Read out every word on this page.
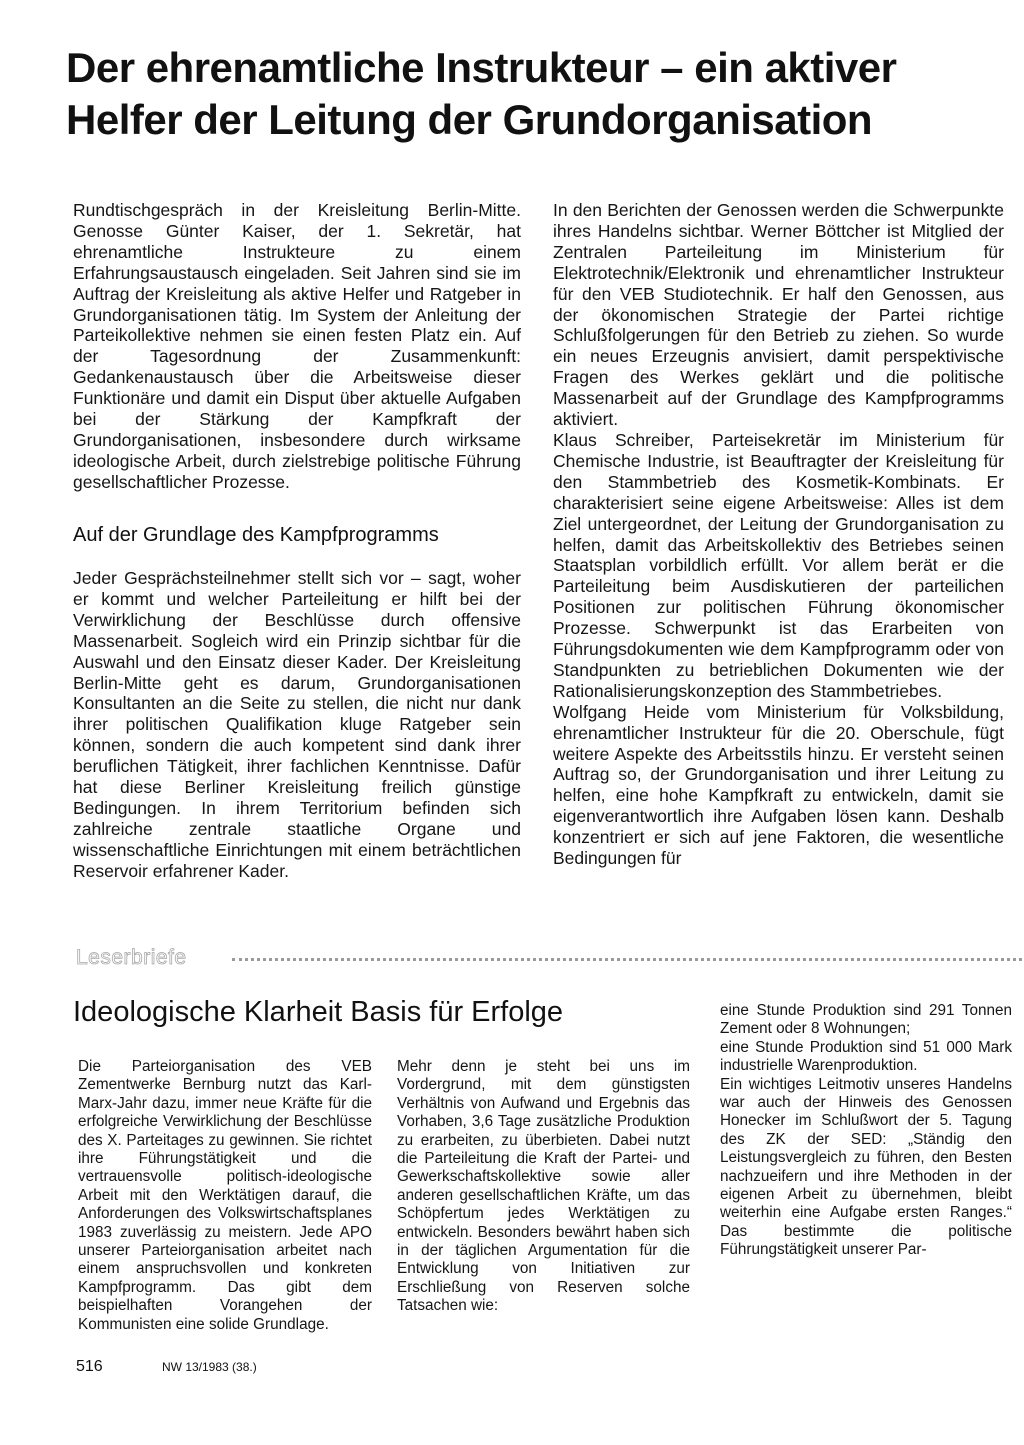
Der ehrenamtliche Instrukteur – ein aktiver Helfer der Leitung der Grundorganisation

Rundtischgespräch in der Kreisleitung Berlin-Mitte. Genosse Günter Kaiser, der 1. Sekretär, hat ehrenamtliche Instrukteure zu einem Erfahrungsaustausch eingeladen. Seit Jahren sind sie im Auftrag der Kreisleitung als aktive Helfer und Ratgeber in Grundorganisationen tätig. Im System der Anleitung der Parteikollektive nehmen sie einen festen Platz ein. Auf der Tagesordnung der Zusammenkunft: Gedankenaustausch über die Arbeitsweise dieser Funktionäre und damit ein Disput über aktuelle Aufgaben bei der Stärkung der Kampfkraft der Grundorganisationen, insbesondere durch wirksame ideologische Arbeit, durch zielstrebige politische Führung gesellschaftlicher Prozesse.

Auf der Grundlage des Kampfprogramms

Jeder Gesprächsteilnehmer stellt sich vor – sagt, woher er kommt und welcher Parteileitung er hilft bei der Verwirklichung der Beschlüsse durch offensive Massenarbeit. Sogleich wird ein Prinzip sichtbar für die Auswahl und den Einsatz dieser Kader. Der Kreisleitung Berlin-Mitte geht es darum, Grundorganisationen Konsultanten an die Seite zu stellen, die nicht nur dank ihrer politischen Qualifikation kluge Ratgeber sein können, sondern die auch kompetent sind dank ihrer beruflichen Tätigkeit, ihrer fachlichen Kenntnisse. Dafür hat diese Berliner Kreisleitung freilich günstige Bedingungen. In ihrem Territorium befinden sich zahlreiche zentrale staatliche Organe und wissenschaftliche Einrichtungen mit einem beträchtlichen Reservoir erfahrener Kader.

In den Berichten der Genossen werden die Schwerpunkte ihres Handelns sichtbar. Werner Böttcher ist Mitglied der Zentralen Parteileitung im Ministerium für Elektrotechnik/Elektronik und ehrenamtlicher Instrukteur für den VEB Studiotechnik. Er half den Genossen, aus der ökonomischen Strategie der Partei richtige Schlußfolgerungen für den Betrieb zu ziehen. So wurde ein neues Erzeugnis anvisiert, damit perspektivische Fragen des Werkes geklärt und die politische Massenarbeit auf der Grundlage des Kampfprogramms aktiviert.

Klaus Schreiber, Parteisekretär im Ministerium für Chemische Industrie, ist Beauftragter der Kreisleitung für den Stammbetrieb des Kosmetik-Kombinats. Er charakterisiert seine eigene Arbeitsweise: Alles ist dem Ziel untergeordnet, der Leitung der Grundorganisation zu helfen, damit das Arbeitskollektiv des Betriebes seinen Staatsplan vorbildlich erfüllt. Vor allem berät er die Parteileitung beim Ausdiskutieren der parteilichen Positionen zur politischen Führung ökonomischer Prozesse. Schwerpunkt ist das Erarbeiten von Führungsdokumenten wie dem Kampfprogramm oder von Standpunkten zu betrieblichen Dokumenten wie der Rationalisierungskonzeption des Stammbetriebes.

Wolfgang Heide vom Ministerium für Volksbildung, ehrenamtlicher Instrukteur für die 20. Oberschule, fügt weitere Aspekte des Arbeitsstils hinzu. Er versteht seinen Auftrag so, der Grundorganisation und ihrer Leitung zu helfen, eine hohe Kampfkraft zu entwickeln, damit sie eigenverantwortlich ihre Aufgaben lösen kann. Deshalb konzentriert er sich auf jene Faktoren, die wesentliche Bedingungen für

Leserbriefe
Ideologische Klarheit Basis für Erfolge

Die Parteiorganisation des VEB Zementwerke Bernburg nutzt das Karl-Marx-Jahr dazu, immer neue Kräfte für die erfolgreiche Verwirklichung der Beschlüsse des X. Parteitages zu gewinnen. Sie richtet ihre Führungstätigkeit und die vertrauensvolle politisch-ideologische Arbeit mit den Werktätigen darauf, die Anforderungen des Volkswirtschaftsplanes 1983 zuverlässig zu meistern. Jede APO unserer Parteiorganisation arbeitet nach einem anspruchsvollen und konkreten Kampfprogramm. Das gibt dem beispielhaften Vorangehen der Kommunisten eine solide Grundlage.

Mehr denn je steht bei uns im Vordergrund, mit dem günstigsten Verhältnis von Aufwand und Ergebnis das Vorhaben, 3,6 Tage zusätzliche Produktion zu erarbeiten, zu überbieten. Dabei nutzt die Parteileitung die Kraft der Partei- und Gewerkschaftskollektive sowie aller anderen gesellschaftlichen Kräfte, um das Schöpfertum jedes Werktätigen zu entwickeln. Besonders bewährt haben sich in der täglichen Argumentation für die Entwicklung von Initiativen zur Erschließung von Reserven solche Tatsachen wie:

eine Stunde Produktion sind 291 Tonnen Zement oder 8 Wohnungen;

eine Stunde Produktion sind 51 000 Mark industrielle Warenproduktion.

Ein wichtiges Leitmotiv unseres Handelns war auch der Hinweis des Genossen Honecker im Schlußwort der 5. Tagung des ZK der SED: „Ständig den Leistungsvergleich zu führen, den Besten nachzueifern und ihre Methoden in der eigenen Arbeit zu übernehmen, bleibt weiterhin eine Aufgabe ersten Ranges.“ Das bestimmte die politische Führungstätigkeit unserer Par-

516	NW 13/1983 (38.)
